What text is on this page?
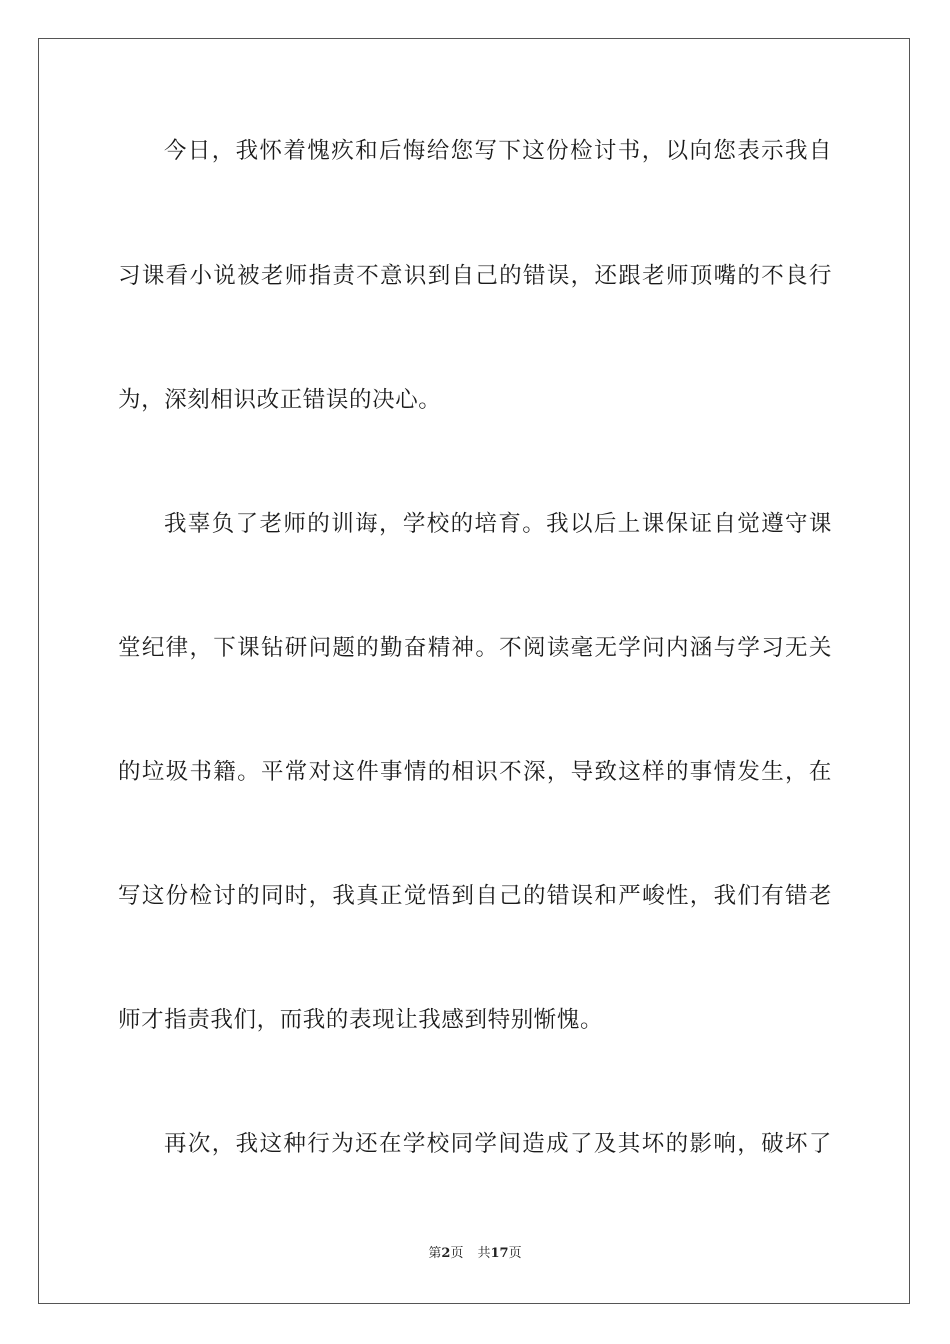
今日，我怀着愧疚和后悔给您写下这份检讨书，以向您表示我自
习课看小说被老师指责不意识到自己的错误，还跟老师顶嘴的不良行
为，深刻相识改正错误的决心。
我辜负了老师的训诲，学校的培育。我以后上课保证自觉遵守课
堂纪律，下课钻研问题的勤奋精神。不阅读毫无学问内涵与学习无关
的垃圾书籍。平常对这件事情的相识不深，导致这样的事情发生，在
写这份检讨的同时，我真正觉悟到自己的错误和严峻性，我们有错老
师才指责我们，而我的表现让我感到特别惭愧。
再次，我这种行为还在学校同学间造成了及其坏的影响，破坏了
第2页 共17页
